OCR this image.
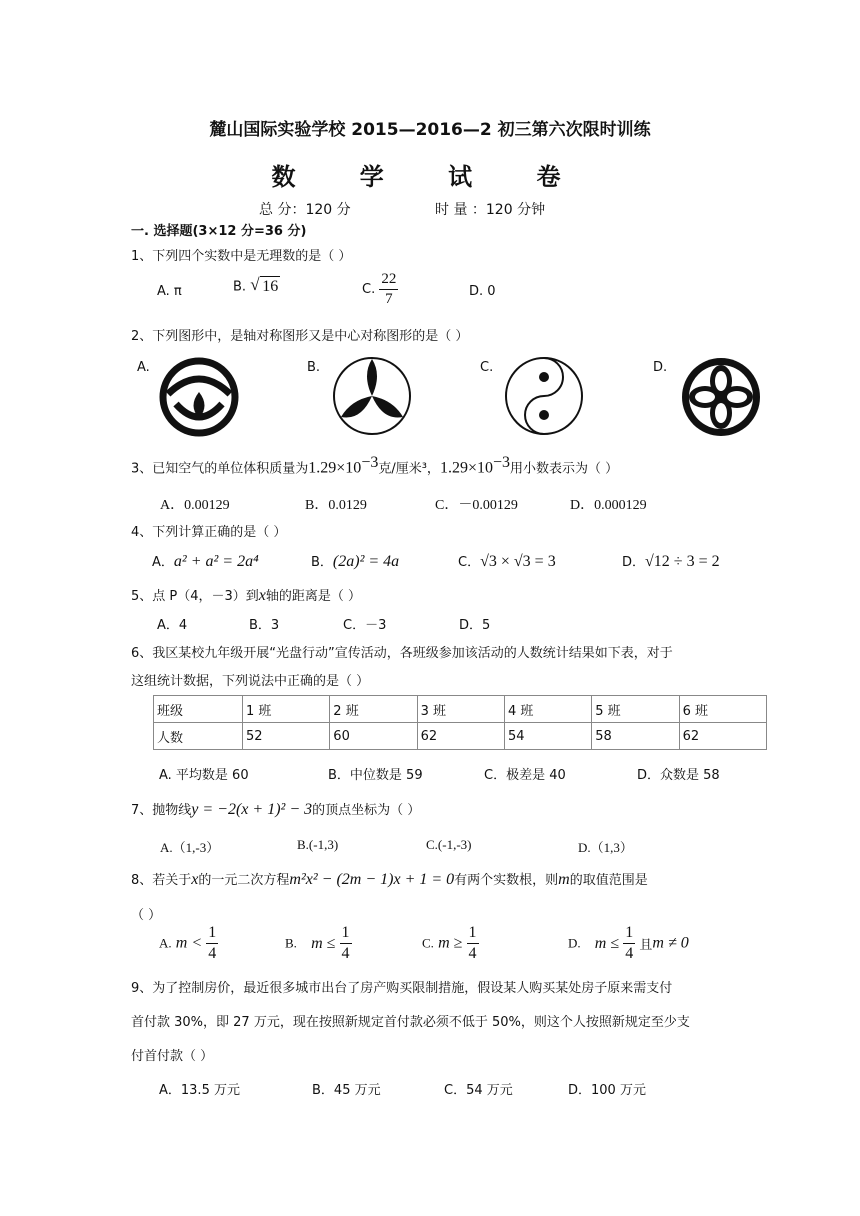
麓山国际实验学校 2015—2016—2 初三第六次限时训练
数 学 试 卷
总 分：120 分	时 量 ：120 分钟
一. 选择题(3×12 分=36 分)
1、下列四个实数中是无理数的是（ ）
A. π	B. √ 16	C. $\frac{22}{7}$	D. 0
2、下列图形中，是轴对称图形又是中心对称图形的是（ ）
A.	B.	C.	D.
3、已知空气的单位体积质量为$1.29\times 10^{-3}$克/厘米³，$1.29\times 10^{-3}$用小数表示为（ ）
A．0.00129	B．0.0129	C．－0.00129	D．0.000129
4、下列计算正确的是（ ）
A．a² + a² = 2a⁴	B．(2a)² = 4a	C．√3 × √3 = 3	D．√12 ÷ 3 = 2
5、点 P（4，－3）到x轴的距离是（ ）
A．4	B．3	C．－3	D．5
6、我区某校九年级开展“光盘行动”宣传活动，各班级参加该活动的人数统计结果如下表，对于
这组统计数据，下列说法中正确的是（ ）
班级	1 班	2 班	3 班	4 班	5 班	6 班
人数	52	60	62	54	58	62
A. 平均数是 60	B．中位数是 59	C．极差是 40	D．众数是 58
7、抛物线y = −2(x + 1)² − 3的顶点坐标为（ ）
A.（1,-3）	B.(-1,3)	C.(-1,-3)	D.（1,3）
8、若关于x的一元二次方程m²x² − (2m − 1)x + 1 = 0有两个实数根，则m的取值范围是
（ ）
A. $m < \frac{1}{4}$	B. $m \le \frac{1}{4}$	C. $m \ge \frac{1}{4}$	D. $m \le \frac{1}{4}$ 且m ≠ 0
9、为了控制房价，最近很多城市出台了房产购买限制措施，假设某人购买某处房子原来需支付
首付款 30%，即 27 万元，现在按照新规定首付款必须不低于 50%，则这个人按照新规定至少支
付首付款（ ）
A．13.5 万元	B．45 万元	C．54 万元	D．100 万元
